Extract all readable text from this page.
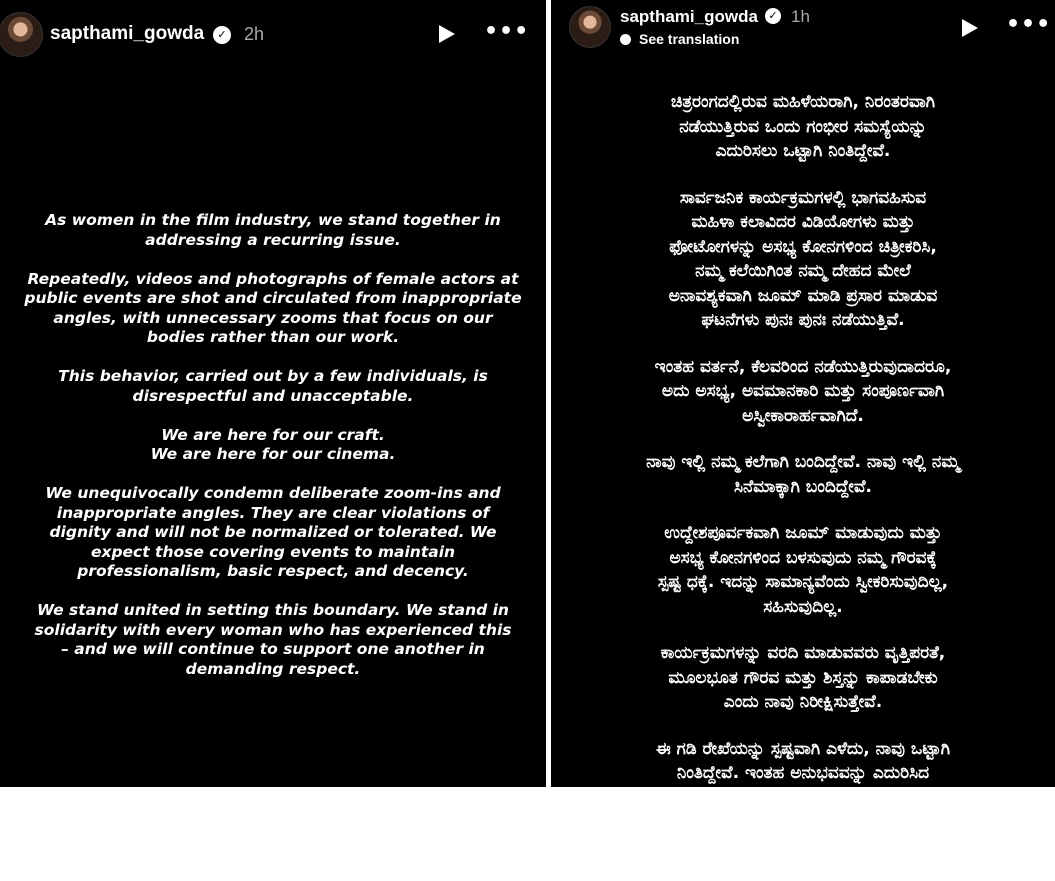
sapthami_gowda	✓ 2h	•••

As women in the film industry, we stand together in
addressing a recurring issue.

Repeatedly, videos and photographs of female actors at
public events are shot and circulated from inappropriate
angles, with unnecessary zooms that focus on our
bodies rather than our work.

This behavior, carried out by a few individuals, is
disrespectful and unacceptable.

We are here for our craft.
We are here for our cinema.

We unequivocally condemn deliberate zoom-ins and
inappropriate angles. They are clear violations of
dignity and will not be normalized or tolerated. We
expect those covering events to maintain
professionalism, basic respect, and decency.

We stand united in setting this boundary. We stand in
solidarity with every woman who has experienced this
– and we will continue to support one another in
demanding respect.

sapthami_gowda ✓ 1h
See translation
•••

ಚಿತ್ರರಂಗದಲ್ಲಿರುವ ಮಹಿಳೆಯರಾಗಿ, ನಿರಂತರವಾಗಿ
ನಡೆಯುತ್ತಿರುವ ಒಂದು ಗಂಭೀರ ಸಮಸ್ಯೆಯನ್ನು
ಎದುರಿಸಲು ಒಟ್ಟಾಗಿ ನಿಂತಿದ್ದೇವೆ.

ಸಾರ್ವಜನಿಕ ಕಾರ್ಯಕ್ರಮಗಳಲ್ಲಿ ಭಾಗವಹಿಸುವ
ಮಹಿಳಾ ಕಲಾವಿದರ ವಿಡಿಯೋಗಳು ಮತ್ತು
ಫೋಟೋಗಳನ್ನು ಅಸಭ್ಯ ಕೋನಗಳಿಂದ ಚಿತ್ರೀಕರಿಸಿ,
ನಮ್ಮ ಕಲೆಯಿಗಿಂತ ನಮ್ಮ ದೇಹದ ಮೇಲೆ
ಅನಾವಶ್ಯಕವಾಗಿ ಜೂಮ್ ಮಾಡಿ ಪ್ರಸಾರ ಮಾಡುವ
ಘಟನೆಗಳು ಪುನಃ ಪುನಃ ನಡೆಯುತ್ತಿವೆ.

ಇಂತಹ ವರ್ತನೆ, ಕೆಲವರಿಂದ ನಡೆಯುತ್ತಿರುವುದಾದರೂ,
ಅದು ಅಸಭ್ಯ, ಅವಮಾನಕಾರಿ ಮತ್ತು ಸಂಪೂರ್ಣವಾಗಿ
ಅಸ್ವೀಕಾರಾರ್ಹವಾಗಿದೆ.

ನಾವು ಇಲ್ಲಿ ನಮ್ಮ ಕಲೆಗಾಗಿ ಬಂದಿದ್ದೇವೆ. ನಾವು ಇಲ್ಲಿ ನಮ್ಮ
ಸಿನೆಮಾಕ್ಕಾಗಿ ಬಂದಿದ್ದೇವೆ.

ಉದ್ದೇಶಪೂರ್ವಕವಾಗಿ ಜೂಮ್ ಮಾಡುವುದು ಮತ್ತು
ಅಸಭ್ಯ ಕೋನಗಳಿಂದ ಬಳಸುವುದು ನಮ್ಮ ಗೌರವಕ್ಕೆ
ಸ್ಪಷ್ಟ ಧಕ್ಕೆ. ಇದನ್ನು ಸಾಮಾನ್ಯವೆಂದು ಸ್ವೀಕರಿಸುವುದಿಲ್ಲ,
ಸಹಿಸುವುದಿಲ್ಲ.

ಕಾರ್ಯಕ್ರಮಗಳನ್ನು ವರದಿ ಮಾಡುವವರು ವೃತ್ತಿಪರತೆ,
ಮೂಲಭೂತ ಗೌರವ ಮತ್ತು ಶಿಸ್ತನ್ನು ಕಾಪಾಡಬೇಕು
ಎಂದು ನಾವು ನಿರೀಕ್ಷಿಸುತ್ತೇವೆ.

ಈ ಗಡಿ ರೇಖೆಯನ್ನು ಸ್ಪಷ್ಟವಾಗಿ ಎಳೆದು, ನಾವು ಒಟ್ಟಾಗಿ
ನಿಂತಿದ್ದೇವೆ. ಇಂತಹ ಅನುಭವವನ್ನು ಎದುರಿಸಿದ
ಪ್ರತಿಯೊಬ್ಬ ಮಹಿಳೆಯೊಂದಿಗೂ ನಾವು ಐಕ್ಯತೆಯಲ್ಲಿ
ನಿಂತಿದ್ದೇವೆ. ಗೌರವವನ್ನು ಬೇಡುವ ನಮ್ಮ ಧ್ವನಿ
ಮುಂದುವರೆಯುತ್ತದೆ.
